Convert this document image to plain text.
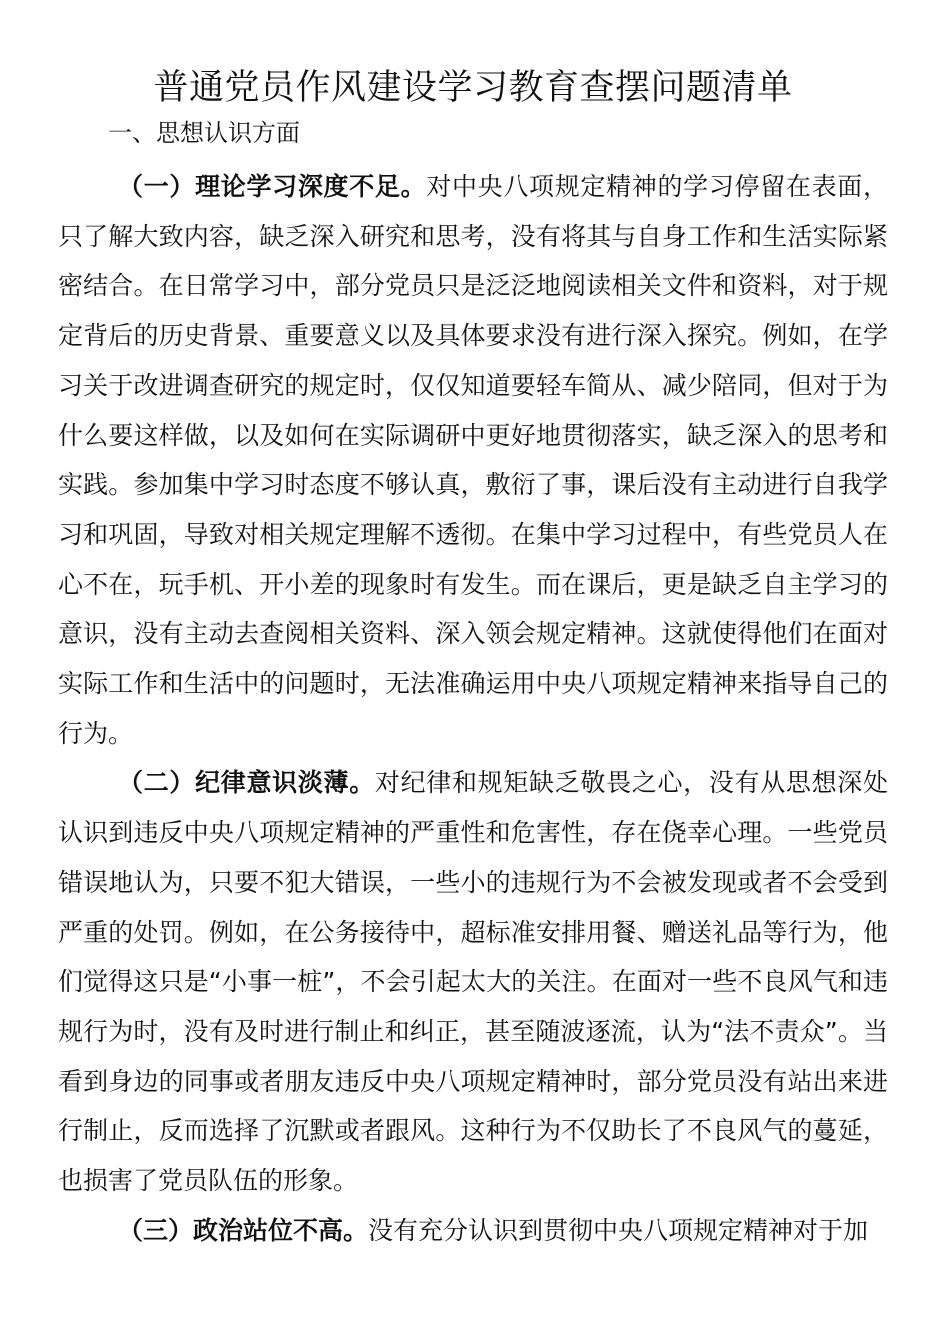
普通党员作风建设学习教育查摆问题清单
一、思想认识方面

（一）理论学习深度不足。对中央八项规定精神的学习停留在表面，只了解大致内容，缺乏深入研究和思考，没有将其与自身工作和生活实际紧密结合。在日常学习中，部分党员只是泛泛地阅读相关文件和资料，对于规定背后的历史背景、重要意义以及具体要求没有进行深入探究。例如，在学习关于改进调查研究的规定时，仅仅知道要轻车简从、减少陪同，但对于为什么要这样做，以及如何在实际调研中更好地贯彻落实，缺乏深入的思考和实践。参加集中学习时态度不够认真，敷衍了事，课后没有主动进行自我学习和巩固，导致对相关规定理解不透彻。在集中学习过程中，有些党员人在心不在，玩手机、开小差的现象时有发生。而在课后，更是缺乏自主学习的意识，没有主动去查阅相关资料、深入领会规定精神。这就使得他们在面对实际工作和生活中的问题时，无法准确运用中央八项规定精神来指导自己的行为。

（二）纪律意识淡薄。对纪律和规矩缺乏敬畏之心，没有从思想深处认识到违反中央八项规定精神的严重性和危害性，存在侥幸心理。一些党员错误地认为，只要不犯大错误，一些小的违规行为不会被发现或者不会受到严重的处罚。例如，在公务接待中，超标准安排用餐、赠送礼品等行为，他们觉得这只是“小事一桩”，不会引起太大的关注。在面对一些不良风气和违规行为时，没有及时进行制止和纠正，甚至随波逐流，认为“法不责众”。当看到身边的同事或者朋友违反中央八项规定精神时，部分党员没有站出来进行制止，反而选择了沉默或者跟风。这种行为不仅助长了不良风气的蔓延，也损害了党员队伍的形象。

（三）政治站位不高。没有充分认识到贯彻中央八项规定精神对于加
